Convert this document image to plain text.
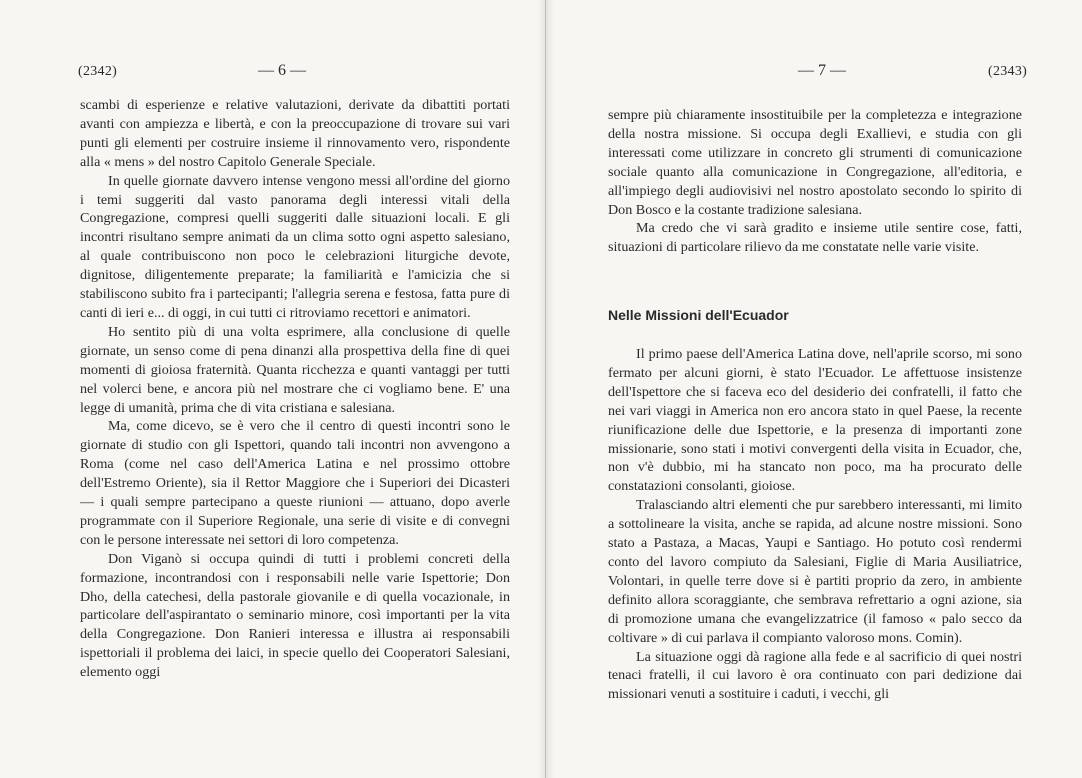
(2342)	— 6 —

scambi di esperienze e relative valutazioni, derivate da dibattiti portati avanti con ampiezza e libertà, e con la preoccupazione di trovare sui vari punti gli elementi per costruire insieme il rinnovamento vero, rispondente alla « mens » del nostro Capitolo Generale Speciale.

In quelle giornate davvero intense vengono messi all'ordine del giorno i temi suggeriti dal vasto panorama degli interessi vitali della Congregazione, compresi quelli suggeriti dalle situazioni locali. E gli incontri risultano sempre animati da un clima sotto ogni aspetto salesiano, al quale contribuiscono non poco le celebrazioni liturgiche devote, dignitose, diligentemente preparate; la familiarità e l'amicizia che si stabiliscono subito fra i partecipanti; l'allegria serena e festosa, fatta pure di canti di ieri e... di oggi, in cui tutti ci ritroviamo recettori e animatori.

Ho sentito più di una volta esprimere, alla conclusione di quelle giornate, un senso come di pena dinanzi alla prospettiva della fine di quei momenti di gioiosa fraternità. Quanta ricchezza e quanti vantaggi per tutti nel volerci bene, e ancora più nel mostrare che ci vogliamo bene. E' una legge di umanità, prima che di vita cristiana e salesiana.

Ma, come dicevo, se è vero che il centro di questi incontri sono le giornate di studio con gli Ispettori, quando tali incontri non avvengono a Roma (come nel caso dell'America Latina e nel prossimo ottobre dell'Estremo Oriente), sia il Rettor Maggiore che i Superiori dei Dicasteri — i quali sempre partecipano a queste riunioni — attuano, dopo averle programmate con il Superiore Regionale, una serie di visite e di convegni con le persone interessate nei settori di loro competenza.

Don Viganò si occupa quindi di tutti i problemi concreti della formazione, incontrandosi con i responsabili nelle varie Ispettorie; Don Dho, della catechesi, della pastorale giovanile e di quella vocazionale, in particolare dell'aspirantato o seminario minore, così importanti per la vita della Congregazione. Don Ranieri interessa e illustra ai responsabili ispettoriali il problema dei laici, in specie quello dei Cooperatori Salesiani, elemento oggi

— 7 —	(2343)

sempre più chiaramente insostituibile per la completezza e integrazione della nostra missione. Si occupa degli Exallievi, e studia con gli interessati come utilizzare in concreto gli strumenti di comunicazione sociale quanto alla comunicazione in Congregazione, all'editoria, e all'impiego degli audiovisivi nel nostro apostolato secondo lo spirito di Don Bosco e la costante tradizione salesiana.

Ma credo che vi sarà gradito e insieme utile sentire cose, fatti, situazioni di particolare rilievo da me constatate nelle varie visite.

Nelle Missioni dell'Ecuador

Il primo paese dell'America Latina dove, nell'aprile scorso, mi sono fermato per alcuni giorni, è stato l'Ecuador. Le affettuose insistenze dell'Ispettore che si faceva eco del desiderio dei confratelli, il fatto che nei vari viaggi in America non ero ancora stato in quel Paese, la recente riunificazione delle due Ispettorie, e la presenza di importanti zone missionarie, sono stati i motivi convergenti della visita in Ecuador, che, non v'è dubbio, mi ha stancato non poco, ma ha procurato delle constatazioni consolanti, gioiose.

Tralasciando altri elementi che pur sarebbero interessanti, mi limito a sottolineare la visita, anche se rapida, ad alcune nostre missioni. Sono stato a Pastaza, a Macas, Yaupi e Santiago. Ho potuto così rendermi conto del lavoro compiuto da Salesiani, Figlie di Maria Ausiliatrice, Volontari, in quelle terre dove si è partiti proprio da zero, in ambiente definito allora scoraggiante, che sembrava refrettario a ogni azione, sia di promozione umana che evangelizzatrice (il famoso « palo secco da coltivare » di cui parlava il compianto valoroso mons. Comin).

La situazione oggi dà ragione alla fede e al sacrificio di quei nostri tenaci fratelli, il cui lavoro è ora continuato con pari dedizione dai missionari venuti a sostituire i caduti, i vecchi, gli
